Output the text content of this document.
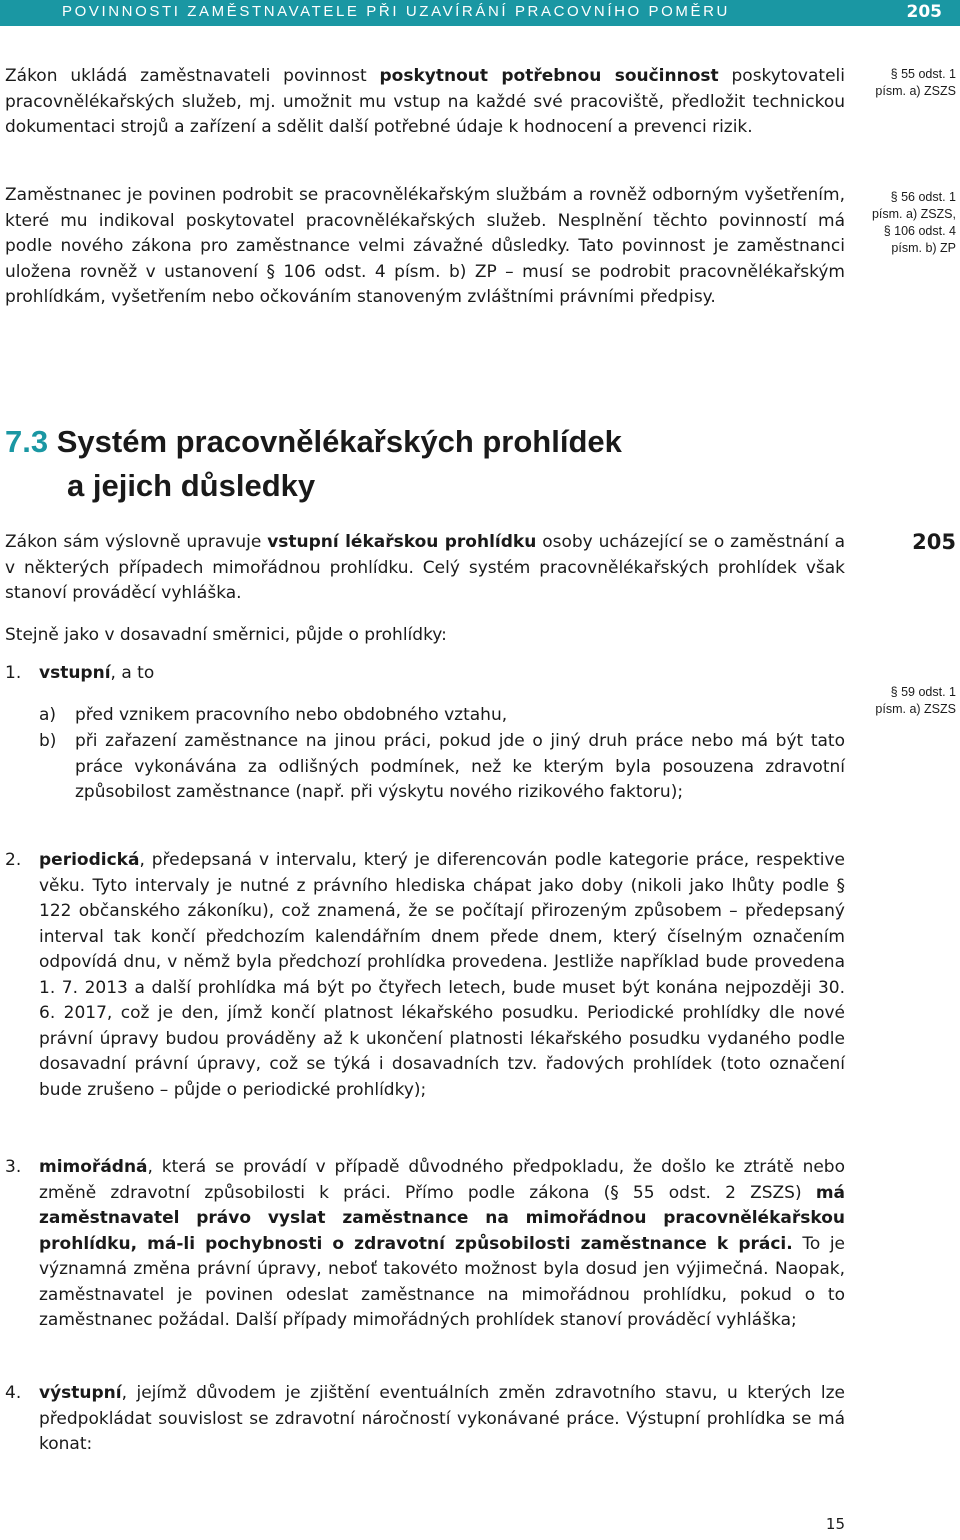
POVINNOSTI ZAMĚSTNAVATELE PŘI UZAVÍRÁNÍ PRACOVNÍHO POMĚRU	205
Zákon ukládá zaměstnavateli povinnost poskytnout potřebnou součinnost poskytovateli pracovnělékařských služeb, mj. umožnit mu vstup na každé své pracoviště, předložit technickou dokumentaci strojů a zařízení a sdělit další potřebné údaje k hodnocení a prevenci rizik.
Zaměstnanec je povinen podrobit se pracovnělékařským službám a rovněž odborným vyšetřením, které mu indikoval poskytovatel pracovnělékařských služeb. Nesplnění těchto povinností má podle nového zákona pro zaměstnance velmi závažné důsledky. Tato povinnost je zaměstnanci uložena rovněž v ustanovení § 106 odst. 4 písm. b) ZP – musí se podrobit pracovnělékařským prohlídkám, vyšetřením nebo očkováním stanoveným zvláštními právními předpisy.
§ 55 odst. 1
písm. a) ZSZS
§ 56 odst. 1
písm. a) ZSZS,
§ 106 odst. 4
písm. b) ZP
7.3 Systém pracovnělékařských prohlídek
a jejich důsledky
205
Zákon sám výslovně upravuje vstupní lékařskou prohlídku osoby ucházející se o zaměstnání a v některých případech mimořádnou prohlídku. Celý systém pracovnělékařských prohlídek však stanoví prováděcí vyhláška.
Stejně jako v dosavadní směrnici, půjde o prohlídky:
§ 59 odst. 1
písm. a) ZSZS
1. vstupní, a to
a) před vznikem pracovního nebo obdobného vztahu,
b) při zařazení zaměstnance na jinou práci, pokud jde o jiný druh práce nebo má být tato práce vykonávána za odlišných podmínek, než ke kterým byla posouzena zdravotní způsobilost zaměstnance (např. při výskytu nového rizikového faktoru);
2. periodická, předepsaná v intervalu, který je diferencován podle kategorie práce, respektive věku. Tyto intervaly je nutné z právního hlediska chápat jako doby (nikoli jako lhůty podle § 122 občanského zákoníku), což znamená, že se počítají přirozeným způsobem – předepsaný interval tak končí předchozím kalendářním dnem přede dnem, který číselným označením odpovídá dnu, v němž byla předchozí prohlídka provedena. Jestliže například bude provedena 1. 7. 2013 a další prohlídka má být po čtyřech letech, bude muset být konána nejpozději 30. 6. 2017, což je den, jímž končí platnost lékařského posudku. Periodické prohlídky dle nové právní úpravy budou prováděny až k ukončení platnosti lékařského posudku vydaného podle dosavadní právní úpravy, což se týká i dosavadních tzv. řadových prohlídek (toto označení bude zrušeno – půjde o periodické prohlídky);
3. mimořádná, která se provádí v případě důvodného předpokladu, že došlo ke ztrátě nebo změně zdravotní způsobilosti k práci. Přímo podle zákona (§ 55 odst. 2 ZSZS) má zaměstnavatel právo vyslat zaměstnance na mimořádnou pracovnělékařskou prohlídku, má-li pochybnosti o zdravotní způsobilosti zaměstnance k práci. To je významná změna právní úpravy, neboť takovéto možnost byla dosud jen výjimečná. Naopak, zaměstnavatel je povinen odeslat zaměstnance na mimořádnou prohlídku, pokud o to zaměstnanec požádal. Další případy mimořádných prohlídek stanoví prováděcí vyhláška;
4. výstupní, jejímž důvodem je zjištění eventuálních změn zdravotního stavu, u kterých lze předpokládat souvislost se zdravotní náročností vykonávané práce. Výstupní prohlídka se má konat:
15
